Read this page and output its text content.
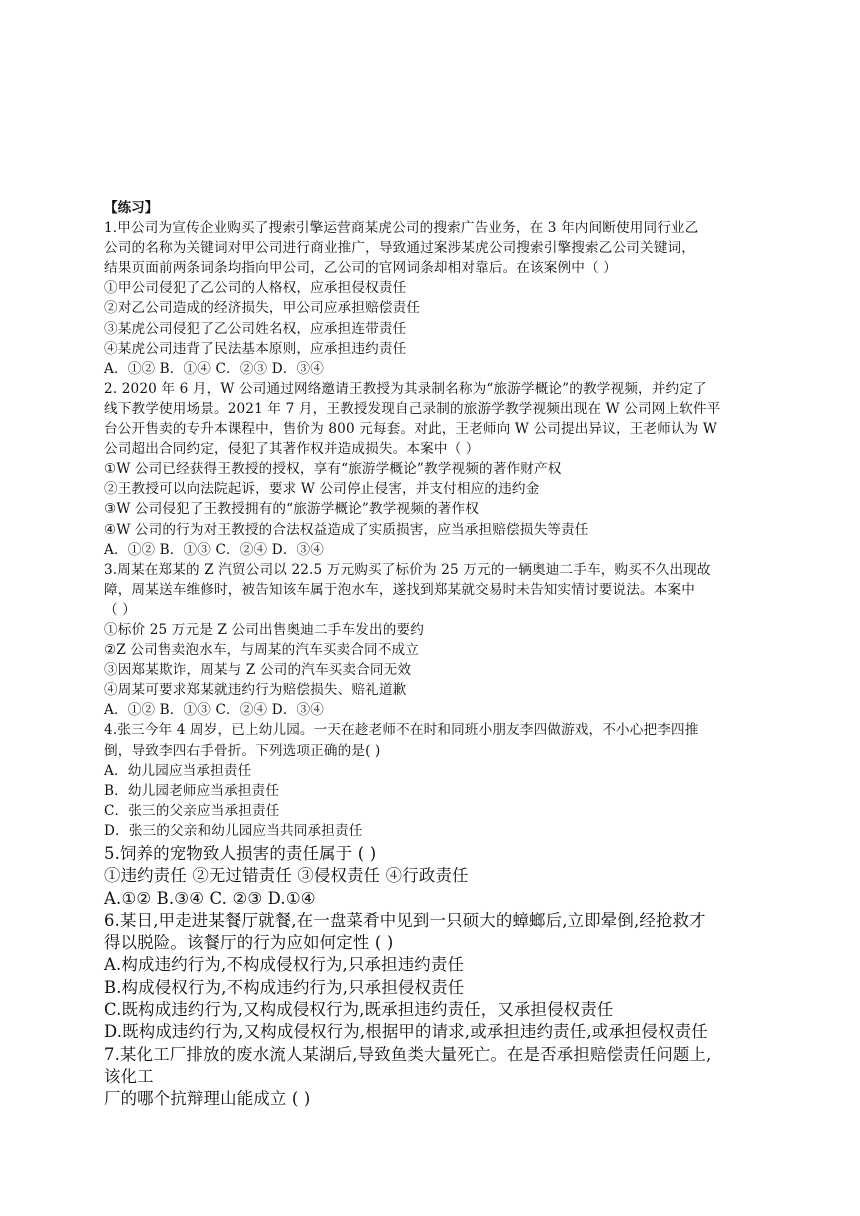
【练习】
1.甲公司为宣传企业购买了搜索引擎运营商某虎公司的搜索广告业务，在 3 年内间断使用同行业乙
公司的名称为关键词对甲公司进行商业推广，导致通过案涉某虎公司搜索引擎搜索乙公司关键词，
结果页面前两条词条均指向甲公司，乙公司的官网词条却相对靠后。在该案例中（ ）
①甲公司侵犯了乙公司的人格权，应承担侵权责任
②对乙公司造成的经济损失，甲公司应承担赔偿责任
③某虎公司侵犯了乙公司姓名权，应承担连带责任
④某虎公司违背了民法基本原则，应承担违约责任
A．①② B．①④ C．②③ D．③④
2. 2020 年 6 月，W 公司通过网络邀请王教授为其录制名称为“旅游学概论”的教学视频，并约定了
线下教学使用场景。2021 年 7 月，王教授发现自己录制的旅游学教学视频出现在 W 公司网上软件平
台公开售卖的专升本课程中，售价为 800 元每套。对此，王老师向 W 公司提出异议，王老师认为 W
公司超出合同约定，侵犯了其著作权并造成损失。本案中（ ）
①W 公司已经获得王教授的授权，享有“旅游学概论”教学视频的著作财产权
②王教授可以向法院起诉，要求 W 公司停止侵害，并支付相应的违约金
③W 公司侵犯了王教授拥有的“旅游学概论”教学视频的著作权
④W 公司的行为对王教授的合法权益造成了实质损害，应当承担赔偿损失等责任
A．①② B．①③ C．②④ D．③④
3.周某在郑某的 Z 汽贸公司以 22.5 万元购买了标价为 25 万元的一辆奥迪二手车，购买不久出现故
障，周某送车维修时，被告知该车属于泡水车，遂找到郑某就交易时未告知实情讨要说法。本案中
（ ）
①标价 25 万元是 Z 公司出售奥迪二手车发出的要约
②Z 公司售卖泡水车，与周某的汽车买卖合同不成立
③因郑某欺诈，周某与 Z 公司的汽车买卖合同无效
④周某可要求郑某就违约行为赔偿损失、赔礼道歉
A．①② B．①③ C．②④ D．③④
4.张三今年 4 周岁，已上幼儿园。一天在趁老师不在时和同班小朋友李四做游戏，不小心把李四推
倒，导致李四右手骨折。下列选项正确的是( )
A．幼儿园应当承担责任
B．幼儿园老师应当承担责任
C．张三的父亲应当承担责任
D．张三的父亲和幼儿园应当共同承担责任
5.饲养的宠物致人损害的责任属于 ( )
①违约责任 ②无过错责任 ③侵权责任 ④行政责任
A.①② B.③④ C. ②③ D.①④
6.某日,甲走进某餐厅就餐,在一盘菜肴中见到一只硕大的蟑螂后,立即晕倒,经抢救才
得以脱险。该餐厅的行为应如何定性 ( )
A.构成违约行为,不构成侵权行为,只承担违约责任
B.构成侵权行为,不构成违约行为,只承担侵权责任
C.既构成违约行为,又构成侵权行为,既承担违约责任，又承担侵权责任
D.既构成违约行为,又构成侵权行为,根据甲的请求,或承担违约责任,或承担侵权责任
7.某化工厂排放的废水流人某湖后,导致鱼类大量死亡。在是否承担赔偿责任问题上,
该化工
厂的哪个抗辩理山能成立 ( )
